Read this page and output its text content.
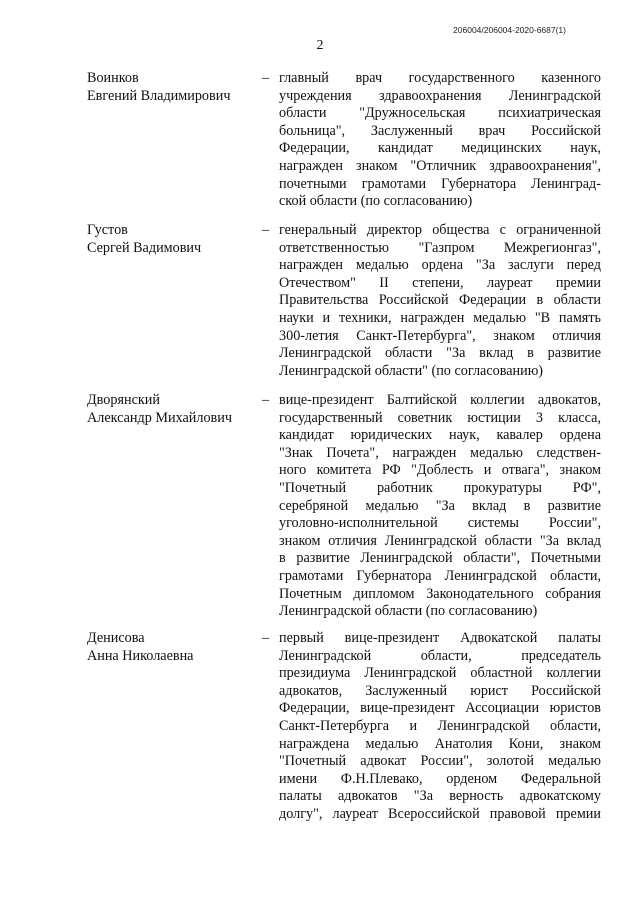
206004/206004-2020-6687(1)
2
Воинков
Евгений Владимирович
– главный врач государственного казенного
учреждения здравоохранения Ленинградской
области "Дружносельская психиатрическая
больница", Заслуженный врач Российской
Федерации, кандидат медицинских наук,
награжден знаком "Отличник здравоохранения",
почетными грамотами Губернатора Ленинград-
ской области (по согласованию)
Густов
Сергей Вадимович
– генеральный директор общества с ограниченной
ответственностью "Газпром Межрегионгаз",
награжден медалью ордена "За заслуги перед
Отечеством" II степени, лауреат премии
Правительства Российской Федерации в области
науки и техники, награжден медалью "В память
300-летия Санкт-Петербурга", знаком отличия
Ленинградской области "За вклад в развитие
Ленинградской области" (по согласованию)
Дворянский
Александр Михайлович
– вице-президент Балтийской коллегии адвокатов,
государственный советник юстиции 3 класса,
кандидат юридических наук, кавалер ордена
"Знак Почета", награжден медалью следствен-
ного комитета РФ "Доблесть и отвага", знаком
"Почетный работник прокуратуры РФ",
серебряной медалью "За вклад в развитие
уголовно-исполнительной системы России",
знаком отличия Ленинградской области "За вклад
в развитие Ленинградской области", Почетными
грамотами Губернатора Ленинградской области,
Почетным дипломом Законодательного собрания
Ленинградской области (по согласованию)
Денисова
Анна Николаевна
– первый вице-президент Адвокатской палаты
Ленинградской области, председатель
президиума Ленинградской областной коллегии
адвокатов, Заслуженный юрист Российской
Федерации, вице-президент Ассоциации юристов
Санкт-Петербурга и Ленинградской области,
награждена медалью Анатолия Кони, знаком
"Почетный адвокат России", золотой медалью
имени Ф.Н.Плевако, орденом Федеральной
палаты адвокатов "За верность адвокатскому
долгу", лауреат Всероссийской правовой премии
